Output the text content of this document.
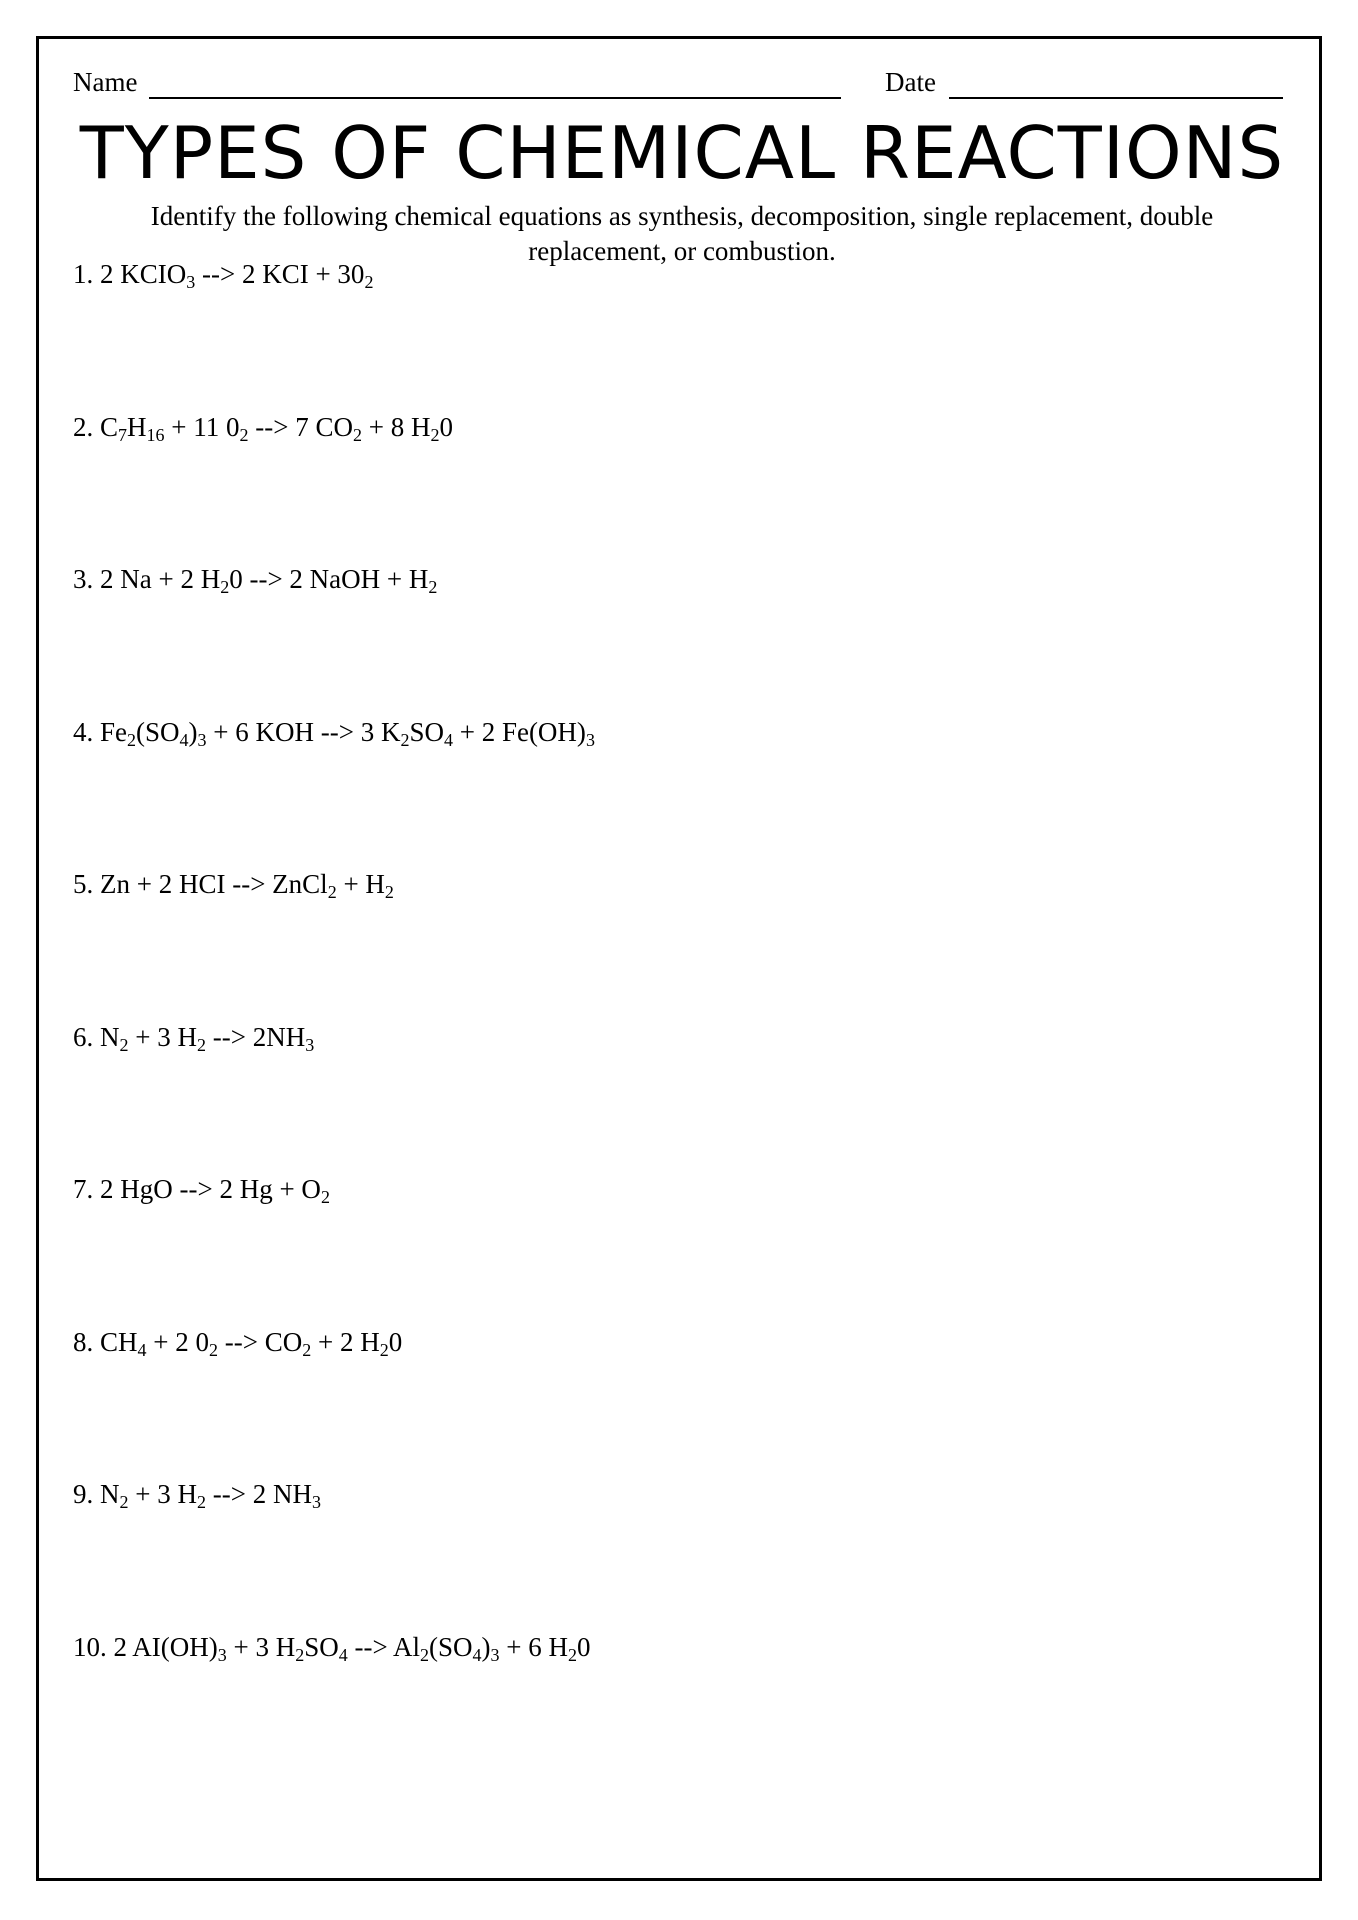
Name	Date
TYPES OF CHEMICAL REACTIONS
Identify the following chemical equations as synthesis, decomposition, single replacement, double replacement, or combustion.
1. 2 $KCIO_3$ --> 2 KCI + $30_2$
2. $C_7H_{16} + 11$ $0_2$ --> 7 $CO_2 + 8$ $H_20$
3. 2 Na + 2 $H_20$ --> 2 NaOH + $H_2$
4. $Fe_2(SO_4)_3 + 6$ KOH --> 3 $K_2SO_4 + 2$ $Fe(OH)_3$
5. Zn + 2 HCI --> ZnCl$_2$ + $H_2$
6. $N_2 + 3$ $H_2$ --> $2NH_3$
7. 2 HgO --> 2 $Hg + O_2$
8. $CH_4 + 2$ $0_2$ --> $CO_2 + 2$ $H_20$
9. $N_2 + 3$ $H_2$ --> 2 $NH_3$
10. 2 $AI(OH)_3 + 3$ $H_2SO_4$ --> $Al_2(SO_4)_3 + 6$ $H_20$
